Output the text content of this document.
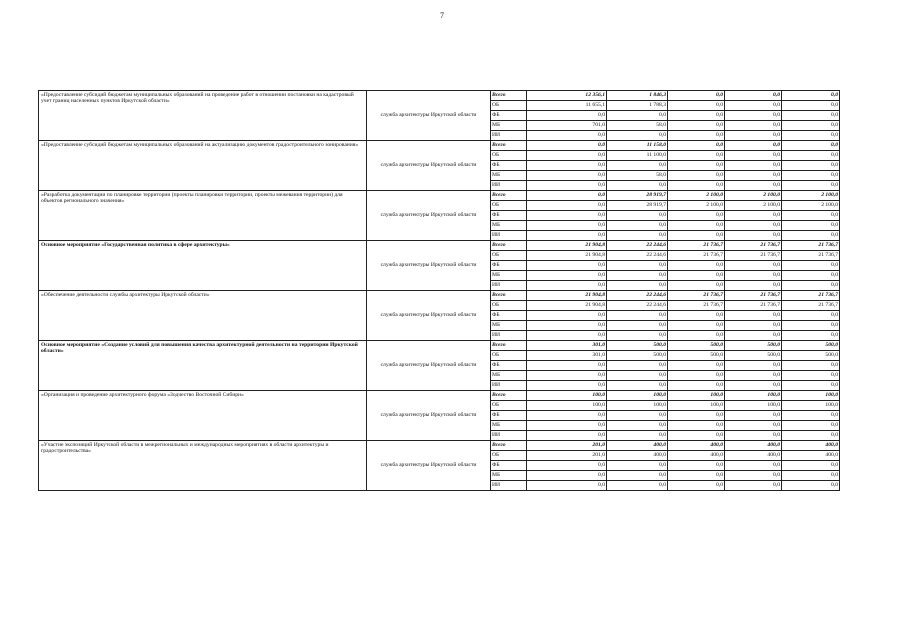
7
«Предоставление субсидий бюджетам муниципальных образований на проведение работ в отношении постановки на кадастровый учет границ населенных пунктов Иркутской области»	служба архитектуры Иркутской области	Всего	12 356,1	1 846,3	0,0	0,0	0,0
		ОБ	11 655,1	1 788,3	0,0	0,0	0,0
		ФБ	0,0	0,0	0,0	0,0	0,0
		МБ	701,0	58,0	0,0	0,0	0,0
		ИИ	0,0	0,0	0,0	0,0	0,0
«Предоставление субсидий бюджетам муниципальных образований на актуализацию документов градостроительного зонирования»	служба архитектуры Иркутской области	Всего	0,0	11 158,0	0,0	0,0	0,0
		ОБ	0,0	11 100,0	0,0	0,0	0,0
		ФБ	0,0	0,0	0,0	0,0	0,0
		МБ	0,0	58,0	0,0	0,0	0,0
		ИИ	0,0	0,0	0,0	0,0	0,0
«Разработка документации по планировке территории (проекты планировки территории, проекты межевания территории) для объектов регионального значения»	служба архитектуры Иркутской области	Всего	0,0	28 919,7	2 100,0	2 100,0	2 100,0
		ОБ	0,0	28 919,7	2 100,0	2 100,0	2 100,0
		ФБ	0,0	0,0	0,0	0,0	0,0
		МБ	0,0	0,0	0,0	0,0	0,0
		ИИ	0,0	0,0	0,0	0,0	0,0
Основное мероприятие «Государственная политика в сфере архитектуры»	служба архитектуры Иркутской области	Всего	21 904,8	22 244,6	21 736,7	21 736,7	21 736,7
		ОБ	21 904,8	22 244,6	21 736,7	21 736,7	21 736,7
		ФБ	0,0	0,0	0,0	0,0	0,0
		МБ	0,0	0,0	0,0	0,0	0,0
		ИИ	0,0	0,0	0,0	0,0	0,0
«Обеспечение деятельности службы архитектуры Иркутской области»	служба архитектуры Иркутской области	Всего	21 904,8	22 244,6	21 736,7	21 736,7	21 736,7
		ОБ	21 904,8	22 244,6	21 736,7	21 736,7	21 736,7
		ФБ	0,0	0,0	0,0	0,0	0,0
		МБ	0,0	0,0	0,0	0,0	0,0
		ИИ	0,0	0,0	0,0	0,0	0,0
Основное мероприятие «Создание условий для повышения качества архитектурной деятельности на территории Иркутской области»	служба архитектуры Иркутской области	Всего	301,0	500,0	500,0	500,0	500,0
		ОБ	301,0	500,0	500,0	500,0	500,0
		ФБ	0,0	0,0	0,0	0,0	0,0
		МБ	0,0	0,0	0,0	0,0	0,0
		ИИ	0,0	0,0	0,0	0,0	0,0
«Организация и проведение архитектурного форума «Зодчество Восточной Сибири»	служба архитектуры Иркутской области	Всего	100,0	100,0	100,0	100,0	100,0
		ОБ	100,0	100,0	100,0	100,0	100,0
		ФБ	0,0	0,0	0,0	0,0	0,0
		МБ	0,0	0,0	0,0	0,0	0,0
		ИИ	0,0	0,0	0,0	0,0	0,0
«Участие экспозиций Иркутской области в межрегиональных и международных мероприятиях в области архитектуры и градостроительства»	служба архитектуры Иркутской области	Всего	201,0	400,0	400,0	400,0	400,0
		ОБ	201,0	400,0	400,0	400,0	400,0
		ФБ	0,0	0,0	0,0	0,0	0,0
		МБ	0,0	0,0	0,0	0,0	0,0
		ИИ	0,0	0,0	0,0	0,0	0,0
